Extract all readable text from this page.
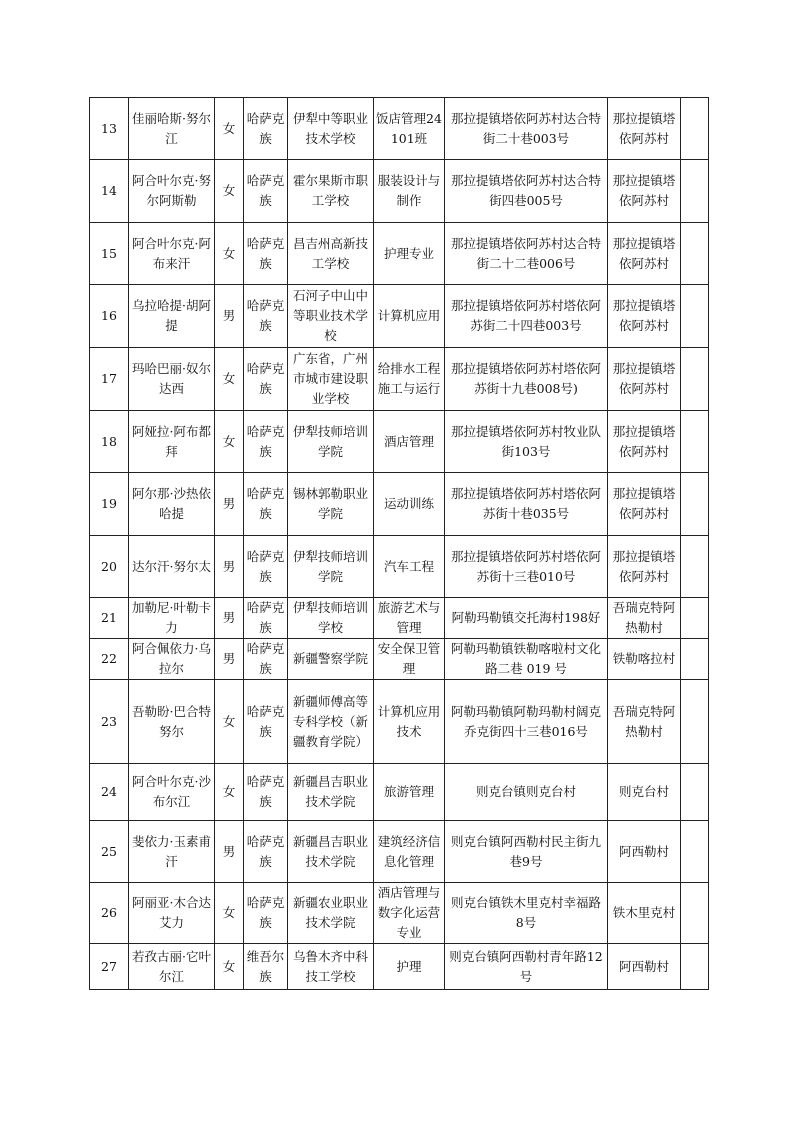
13	佳丽哈斯·努尔江	女	哈萨克族	伊犁中等职业技术学校	饭店管理24101班	那拉提镇塔依阿苏村达合特街二十巷003号	那拉提镇塔依阿苏村	
14	阿合叶尔克·努尔阿斯勒	女	哈萨克族	霍尔果斯市职工学校	服装设计与制作	那拉提镇塔依阿苏村达合特街四巷005号	那拉提镇塔依阿苏村	
15	阿合叶尔克·阿布来汗	女	哈萨克族	昌吉州高新技工学校	护理专业	那拉提镇塔依阿苏村达合特街二十二巷006号	那拉提镇塔依阿苏村	
16	乌拉哈提·胡阿提	男	哈萨克族	石河子中山中等职业技术学校	计算机应用	那拉提镇塔依阿苏村塔依阿苏街二十四巷003号	那拉提镇塔依阿苏村	
17	玛哈巴丽·奴尔达西	女	哈萨克族	广东省，广州市城市建设职业学校	给排水工程施工与运行	那拉提镇塔依阿苏村塔依阿苏街十九巷008号)	那拉提镇塔依阿苏村	
18	阿娅拉·阿布都拜	女	哈萨克族	伊犁技师培训学院	酒店管理	那拉提镇塔依阿苏村牧业队街103号	那拉提镇塔依阿苏村	
19	阿尔那·沙热依哈提	男	哈萨克族	锡林郭勒职业学院	运动训练	那拉提镇塔依阿苏村塔依阿苏街十巷035号	那拉提镇塔依阿苏村	
20	达尔汗·努尔太	男	哈萨克族	伊犁技师培训学院	汽车工程	那拉提镇塔依阿苏村塔依阿苏街十三巷010号	那拉提镇塔依阿苏村	
21	加勒尼·叶勒卡力	男	哈萨克族	伊犁技师培训学校	旅游艺术与管理	阿勒玛勒镇交托海村198好	吾瑞克特阿热勒村	
22	阿合佩依力·乌拉尔	男	哈萨克族	新疆警察学院	安全保卫管理	阿勒玛勒镇铁勒喀啦村文化路二巷 019 号	铁勒喀拉村	
23	吾勒盼·巴合特努尔	女	哈萨克族	新疆师傅高等专科学校（新疆教育学院）	计算机应用技术	阿勒玛勒镇阿勒玛勒村阔克乔克街四十三巷016号	吾瑞克特阿热勒村	
24	阿合叶尔克·沙布尔江	女	哈萨克族	新疆昌吉职业技术学院	旅游管理	则克台镇则克台村	则克台村	
25	斐依力·玉素甫汗	男	哈萨克族	新疆昌吉职业技术学院	建筑经济信息化管理	则克台镇阿西勒村民主街九巷9号	阿西勒村	
26	阿丽亚·木合达艾力	女	哈萨克族	新疆农业职业技术学院	酒店管理与数字化运营专业	则克台镇铁木里克村幸福路8号	铁木里克村	
27	若孜古丽·它叶尔江	女	维吾尔族	乌鲁木齐中科技工学校	护理	则克台镇阿西勒村青年路12号	阿西勒村	
